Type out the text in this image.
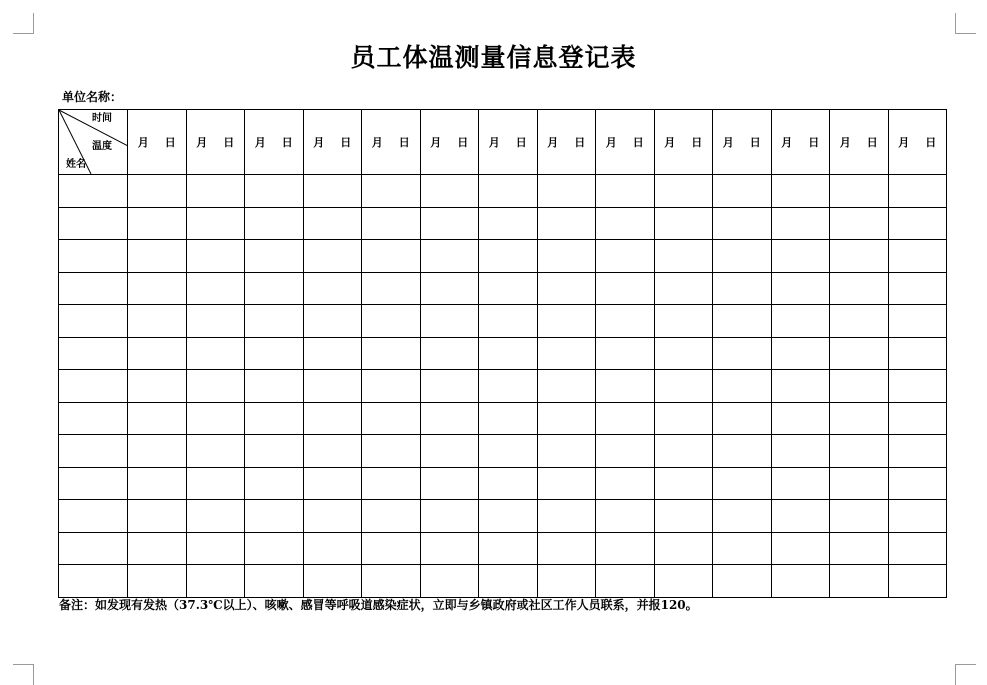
员工体温测量信息登记表
单位名称：
时间
温度
姓名	月 日	月 日	月 日	月 日	月 日	月 日	月 日	月 日	月 日	月 日	月 日	月 日	月 日	月 日

备注：如发现有发热（37.3℃以上）、咳嗽、感冒等呼吸道感染症状，立即与乡镇政府或社区工作人员联系，并报120。
